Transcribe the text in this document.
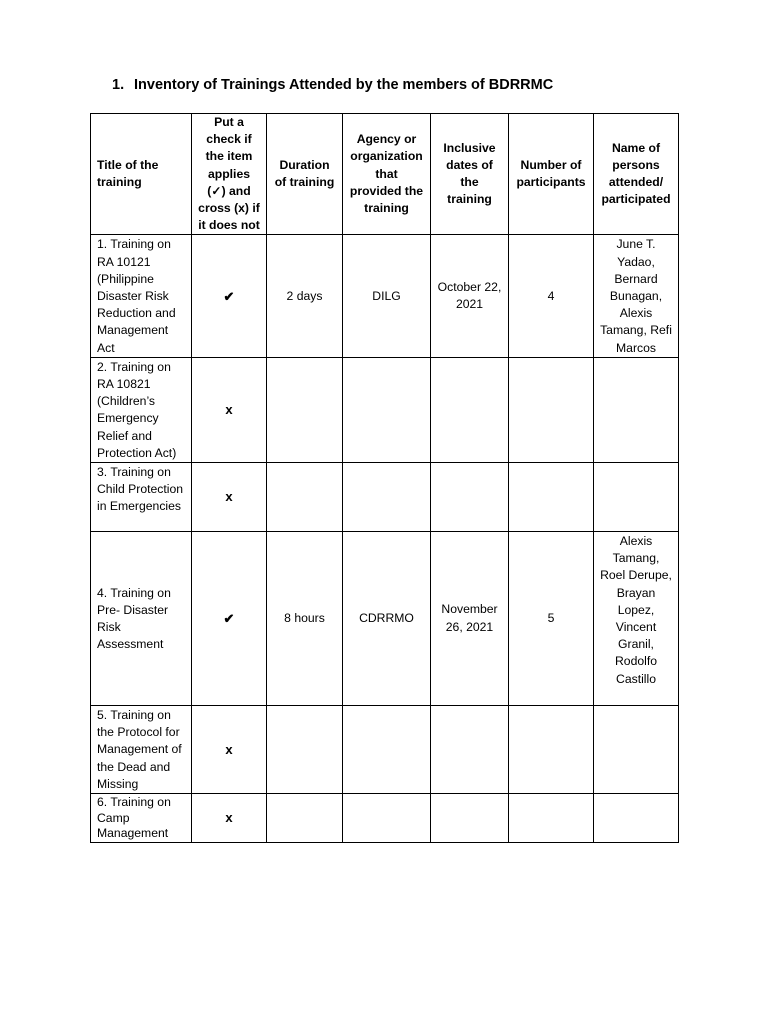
1. Inventory of Trainings Attended by the members of BDRRMC
Title of the training	Put a check if the item applies (✓) and cross (x) if it does not	Duration of training	Agency or organization that provided the training	Inclusive dates of the training	Number of participants	Name of persons attended/ participated
1. Training on RA 10121 (Philippine Disaster Risk Reduction and Management Act	✔	2 days	DILG	October 22, 2021	4	June T. Yadao, Bernard Bunagan, Alexis Tamang, Refi Marcos
2. Training on RA 10821 (Children’s Emergency Relief and Protection Act)	x					
3. Training on Child Protection in Emergencies	x					
4. Training on Pre- Disaster Risk Assessment	✔	8 hours	CDRRMO	November 26, 2021	5	Alexis Tamang, Roel Derupe, Brayan Lopez, Vincent Granil, Rodolfo Castillo
5. Training on the Protocol for Management of the Dead and Missing	x					
6. Training on Camp Management	x					
